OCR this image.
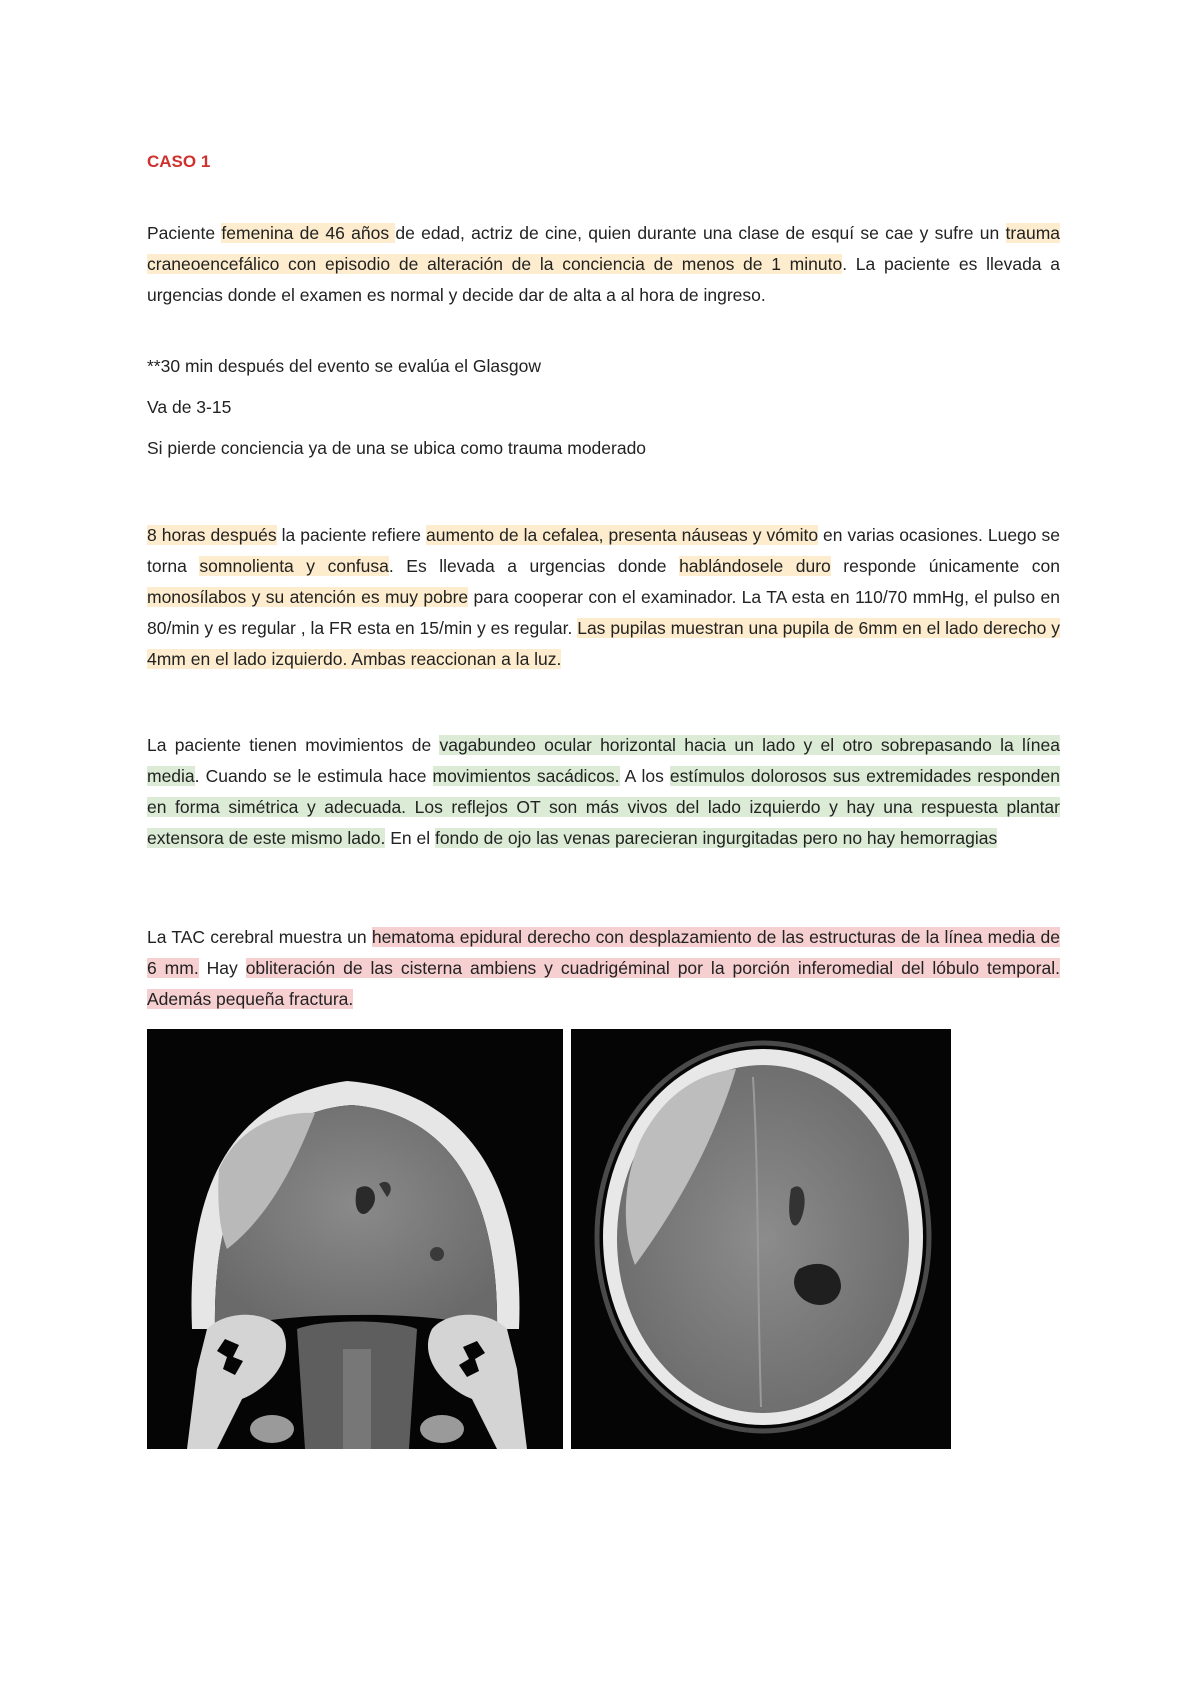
CASO 1

Paciente femenina de 46 años de edad, actriz de cine, quien durante una clase de esquí se cae y sufre un trauma craneoencefálico con episodio de alteración de la conciencia de menos de 1 minuto. La paciente es llevada a urgencias donde el examen es normal y decide dar de alta a al hora de ingreso.

**30 min después del evento se evalúa el Glasgow

Va de 3-15

Si pierde conciencia ya de una se ubica como trauma moderado

8 horas después la paciente refiere aumento de la cefalea, presenta náuseas y vómito en varias ocasiones. Luego se torna somnolienta y confusa. Es llevada a urgencias donde hablándosele duro responde únicamente con monosílabos y su atención es muy pobre para cooperar con el examinador. La TA esta en 110/70 mmHg, el pulso en 80/min y es regular , la FR esta en 15/min y es regular. Las pupilas muestran una pupila de 6mm en el lado derecho y 4mm en el lado izquierdo. Ambas reaccionan a la luz.

La paciente tienen movimientos de vagabundeo ocular horizontal hacia un lado y el otro sobrepasando la línea media. Cuando se le estimula hace movimientos sacádicos. A los estímulos dolorosos sus extremidades responden en forma simétrica y adecuada. Los reflejos OT son más vivos del lado izquierdo y hay una respuesta plantar extensora de este mismo lado. En el fondo de ojo las venas parecieran ingurgitadas pero no hay hemorragias

La TAC cerebral muestra un hematoma epidural derecho con desplazamiento de las estructuras de la línea media de 6 mm. Hay obliteración de las cisterna ambiens y cuadrigéminal por la porción inferomedial del lóbulo temporal. Además pequeña fractura.
